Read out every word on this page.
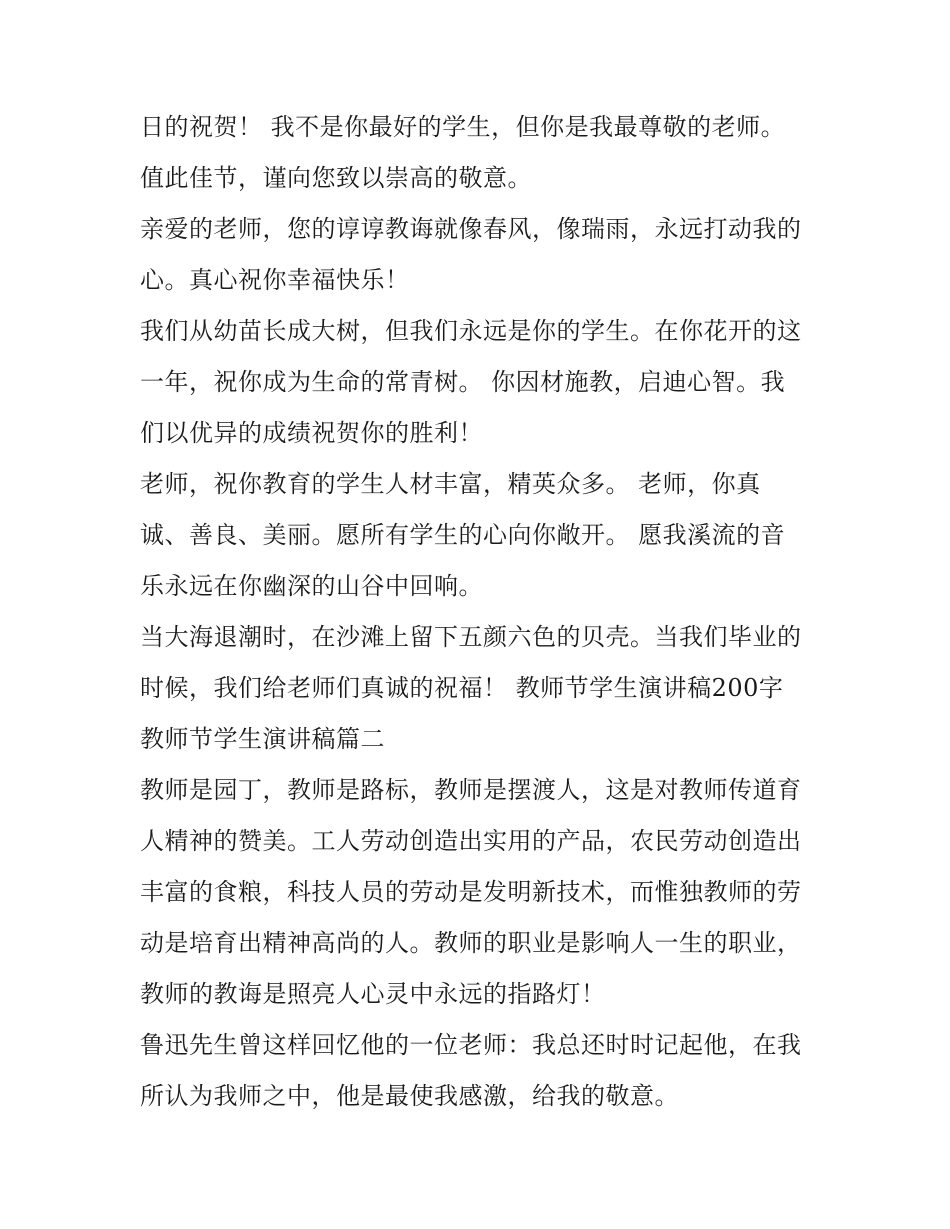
日的祝贺！ 我不是你最好的学生，但你是我最尊敬的老师。
值此佳节，谨向您致以崇高的敬意。
亲爱的老师，您的谆谆教诲就像春风，像瑞雨，永远打动我的
心。真心祝你幸福快乐！
我们从幼苗长成大树，但我们永远是你的学生。在你花开的这
一年，祝你成为生命的常青树。 你因材施教，启迪心智。我
们以优异的成绩祝贺你的胜利！
老师，祝你教育的学生人材丰富，精英众多。 老师，你真
诚、善良、美丽。愿所有学生的心向你敞开。 愿我溪流的音
乐永远在你幽深的山谷中回响。
当大海退潮时，在沙滩上留下五颜六色的贝壳。当我们毕业的
时候，我们给老师们真诚的祝福！ 教师节学生演讲稿200字
教师节学生演讲稿篇二
教师是园丁，教师是路标，教师是摆渡人，这是对教师传道育
人精神的赞美。工人劳动创造出实用的产品，农民劳动创造出
丰富的食粮，科技人员的劳动是发明新技术，而惟独教师的劳
动是培育出精神高尚的人。教师的职业是影响人一生的职业，
教师的教诲是照亮人心灵中永远的指路灯！
鲁迅先生曾这样回忆他的一位老师：我总还时时记起他，在我
所认为我师之中，他是最使我感激，给我的敬意。
